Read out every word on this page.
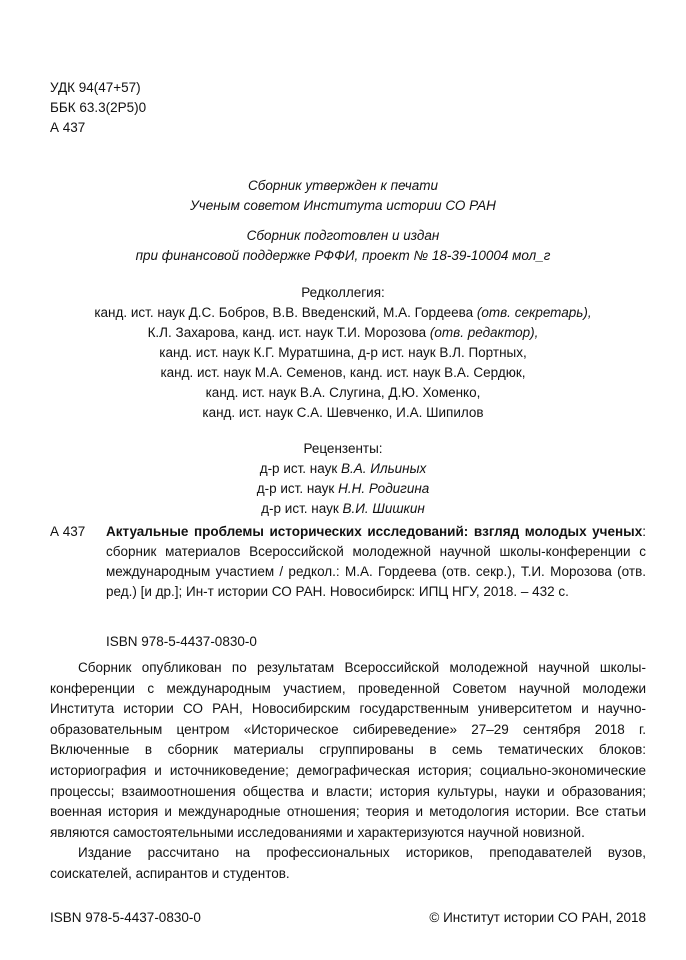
УДК 94(47+57)
ББК 63.3(2Р5)0
А 437
Сборник утвержден к печати
Ученым советом Института истории СО РАН
Сборник подготовлен и издан
при финансовой поддержке РФФИ, проект № 18-39-10004 мол_г
Редколлегия:
канд. ист. наук Д.С. Бобров, В.В. Введенский, М.А. Гордеева (отв. секретарь),
К.Л. Захарова, канд. ист. наук Т.И. Морозова (отв. редактор),
канд. ист. наук К.Г. Муратшина, д-р ист. наук В.Л. Портных,
канд. ист. наук М.А. Семенов, канд. ист. наук В.А. Сердюк,
канд. ист. наук В.А. Слугина, Д.Ю. Хоменко,
канд. ист. наук С.А. Шевченко, И.А. Шипилов
Рецензенты:
д-р ист. наук В.А. Ильиных
д-р ист. наук Н.Н. Родигина
д-р ист. наук В.И. Шишкин
А 437 Актуальные проблемы исторических исследований: взгляд молодых ученых: сборник материалов Всероссийской молодежной научной школы-конференции с международным участием / редкол.: М.А. Гордеева (отв. секр.), Т.И. Морозова (отв. ред.) [и др.]; Ин-т истории СО РАН. Новосибирск: ИПЦ НГУ, 2018. – 432 с.
ISBN 978-5-4437-0830-0

Сборник опубликован по результатам Всероссийской молодежной научной школы-конференции с международным участием, проведенной Советом научной молодежи Института истории СО РАН, Новосибирским государственным университетом и научно-образовательным центром «Историческое сибиреведение» 27–29 сентября 2018 г. Включенные в сборник материалы сгруппированы в семь тематических блоков: историография и источниковедение; демографическая история; социально-экономические процессы; взаимоотношения общества и власти; история культуры, науки и образования; военная история и международные отношения; теория и методология истории. Все статьи являются самостоятельными исследованиями и характеризуются научной новизной.

Издание рассчитано на профессиональных историков, преподавателей вузов, соискателей, аспирантов и студентов.

ISBN 978-5-4437-0830-0	© Институт истории СО РАН, 2018
